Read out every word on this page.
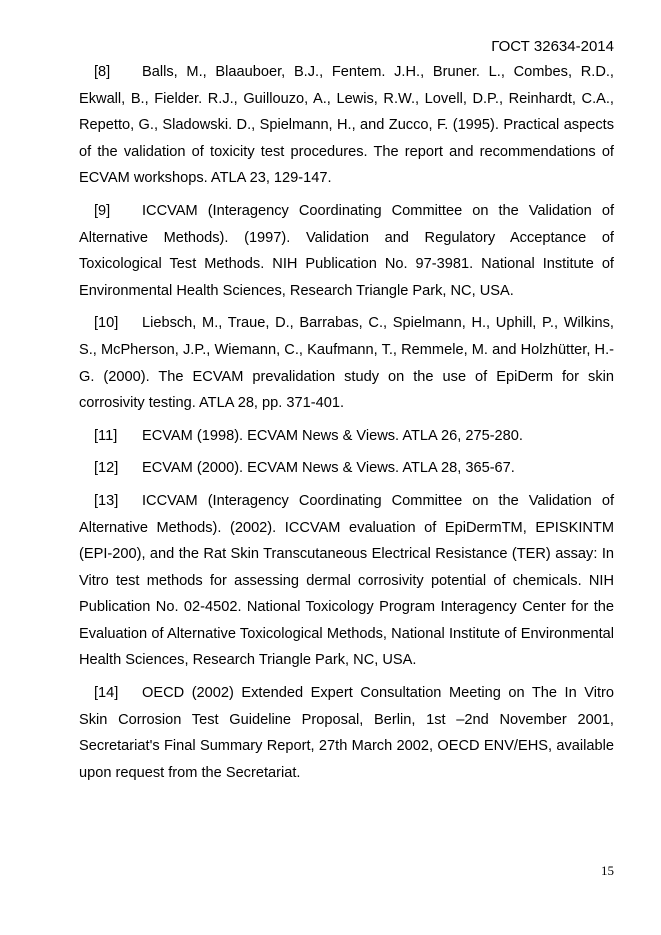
ГОСТ 32634-2014

[8] Balls, M., Blaauboer, B.J., Fentem. J.H., Bruner. L., Combes, R.D., Ekwall, B., Fielder. R.J., Guillouzo, A., Lewis, R.W., Lovell, D.P., Reinhardt, C.A., Repetto, G., Sladowski. D., Spielmann, H., and Zucco, F. (1995). Practical aspects of the validation of toxicity test procedures. The report and recommendations of ECVAM workshops. ATLA 23, 129-147.

[9] ICCVAM (Interagency Coordinating Committee on the Validation of Alternative Methods). (1997). Validation and Regulatory Acceptance of Toxicological Test Methods. NIH Publication No. 97-3981. National Institute of Environmental Health Sciences, Research Triangle Park, NC, USA.

[10] Liebsch, M., Traue, D., Barrabas, C., Spielmann, H., Uphill, P., Wilkins, S., McPherson, J.P., Wiemann, C., Kaufmann, T., Remmele, M. and Holzhütter, H.-G. (2000). The ECVAM prevalidation study on the use of EpiDerm for skin corrosivity testing. ATLA 28, pp. 371-401.

[11] ECVAM (1998). ECVAM News & Views. ATLA 26, 275-280.

[12] ECVAM (2000). ECVAM News & Views. ATLA 28, 365-67.

[13] ICCVAM (Interagency Coordinating Committee on the Validation of Alternative Methods). (2002). ICCVAM evaluation of EpiDermTM, EPISKINTM (EPI-200), and the Rat Skin Transcutaneous Electrical Resistance (TER) assay: In Vitro test methods for assessing dermal corrosivity potential of chemicals. NIH Publication No. 02-4502. National Toxicology Program Interagency Center for the Evaluation of Alternative Toxicological Methods, National Institute of Environmental Health Sciences, Research Triangle Park, NC, USA.

[14] OECD (2002) Extended Expert Consultation Meeting on The In Vitro Skin Corrosion Test Guideline Proposal, Berlin, 1st –2nd November 2001, Secretariat's Final Summary Report, 27th March 2002, OECD ENV/EHS, available upon request from the Secretariat.

15
